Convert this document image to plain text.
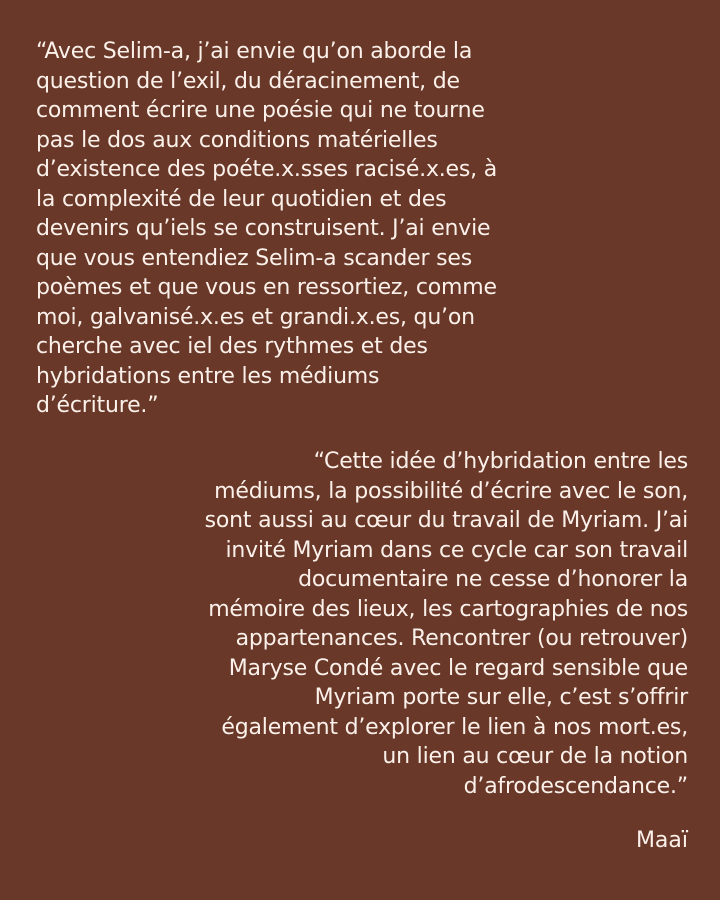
“Avec Selim-a, j’ai envie qu’on aborde la
question de l’exil, du déracinement, de
comment écrire une poésie qui ne tourne
pas le dos aux conditions matérielles
d’existence des poéte.x.sses racisé.x.es, à
la complexité de leur quotidien et des
devenirs qu’iels se construisent. J’ai envie
que vous entendiez Selim-a scander ses
poèmes et que vous en ressortiez, comme
moi, galvanisé.x.es et grandi.x.es, qu’on
cherche avec iel des rythmes et des
hybridations entre les médiums
d’écriture.”

“Cette idée d’hybridation entre les
médiums, la possibilité d’écrire avec le son,
sont aussi au cœur du travail de Myriam. J’ai
invité Myriam dans ce cycle car son travail
documentaire ne cesse d’honorer la
mémoire des lieux, les cartographies de nos
appartenances. Rencontrer (ou retrouver)
Maryse Condé avec le regard sensible que
Myriam porte sur elle, c’est s’offrir
également d’explorer le lien à nos mort.es,
un lien au cœur de la notion
d’afrodescendance.”

Maaï
